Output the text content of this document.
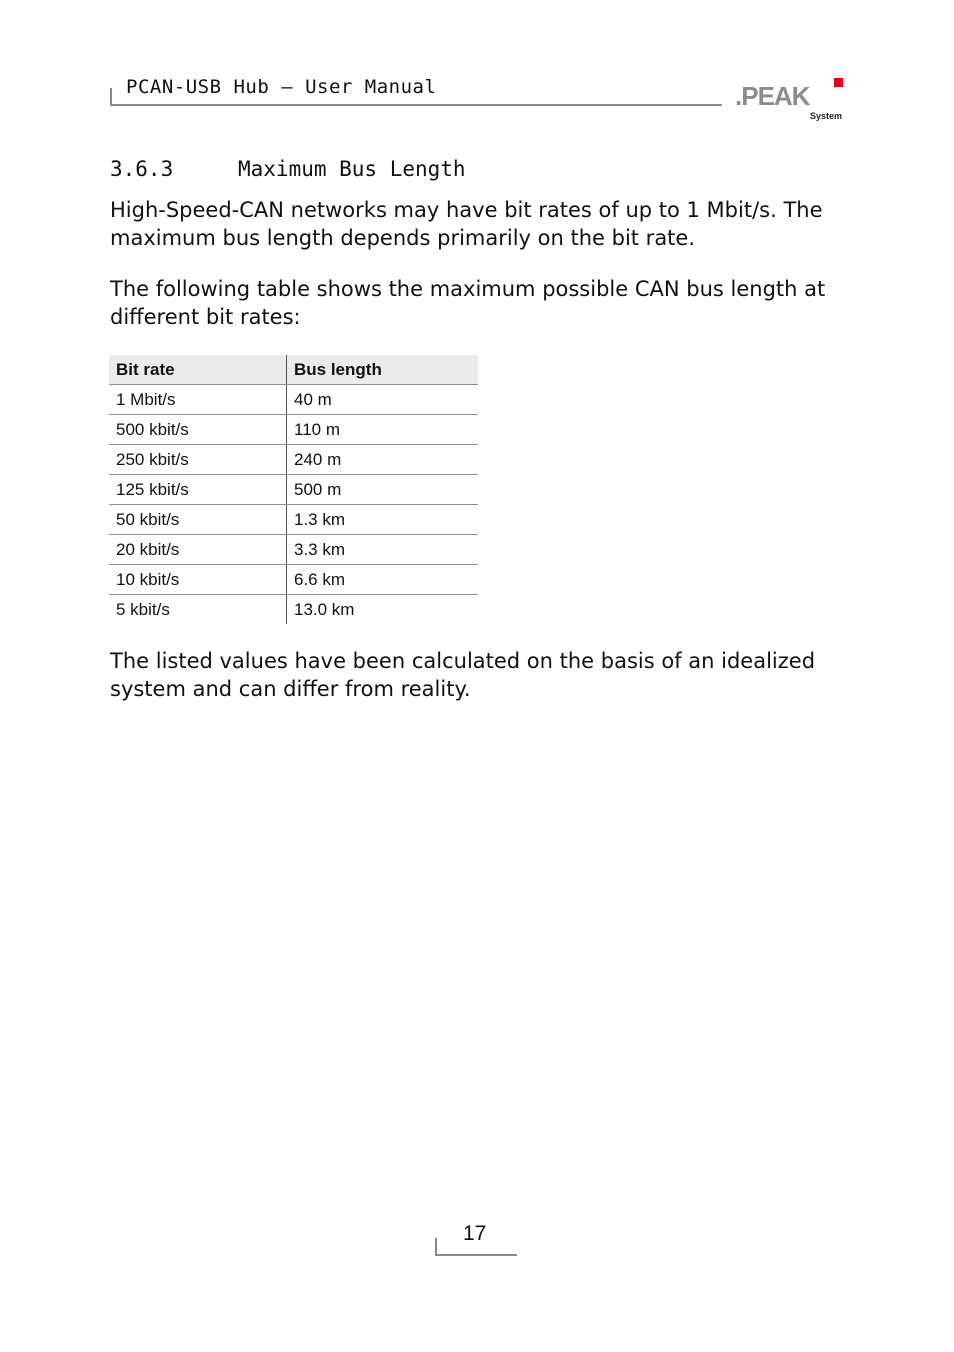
PCAN-USB Hub – User Manual	.PEAK
System
3.6.3	Maximum Bus Length

High-Speed-CAN networks may have bit rates of up to 1 Mbit/s. The maximum bus length depends primarily on the bit rate.

The following table shows the maximum possible CAN bus length at different bit rates:

Bit rate	Bus length
1 Mbit/s	40 m
500 kbit/s	110 m
250 kbit/s	240 m
125 kbit/s	500 m
50 kbit/s	1.3 km
20 kbit/s	3.3 km
10 kbit/s	6.6 km
5 kbit/s	13.0 km

The listed values have been calculated on the basis of an idealized system and can differ from reality.

17
